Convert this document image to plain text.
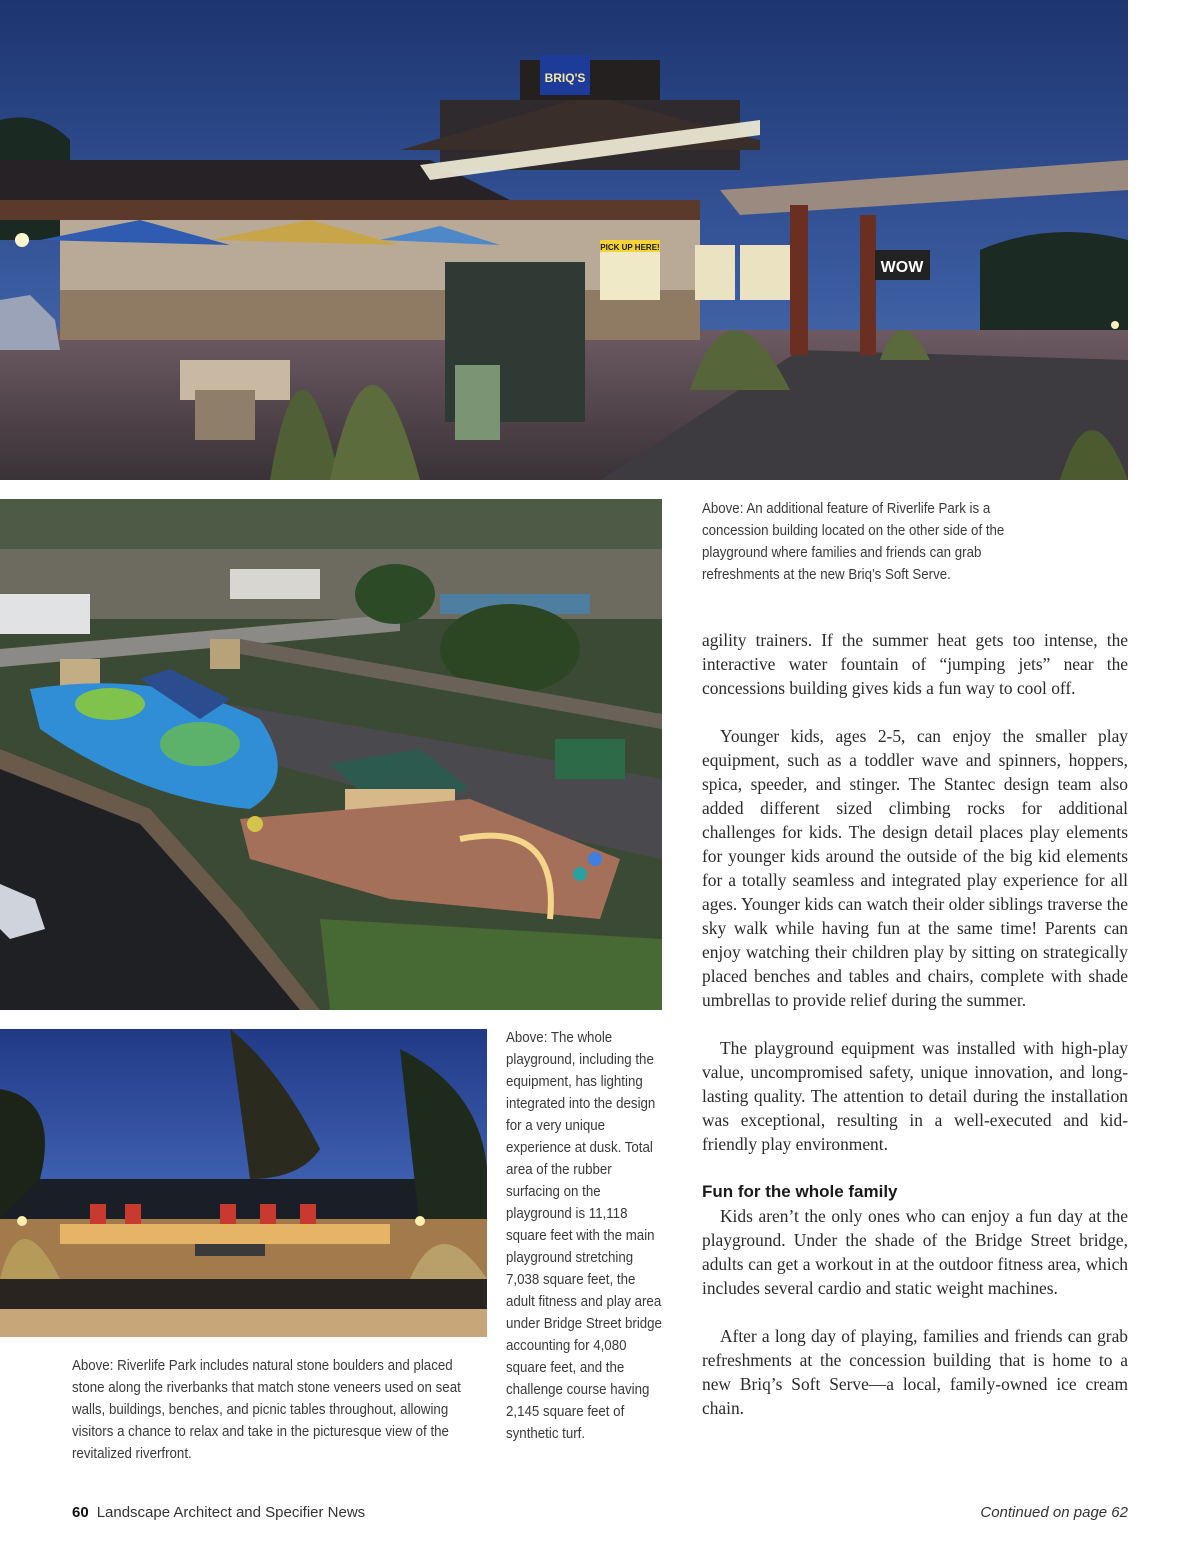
BRIQ'S
PICK UP HERE!
WOW

Above: An additional feature of Riverlife Park is a concession building located on the other side of the playground where families and friends can grab refreshments at the new Briq’s Soft Serve.

Above: The whole playground, including the equipment, has lighting integrated into the design for a very unique experience at dusk. Total area of the rubber surfacing on the playground is 11,118 square feet with the main playground stretching 7,038 square feet, the adult fitness and play area under Bridge Street bridge accounting for 4,080 square feet, and the challenge course having 2,145 square feet of synthetic turf.

Above: Riverlife Park includes natural stone boulders and placed stone along the riverbanks that match stone veneers used on seat walls, buildings, benches, and picnic tables throughout, allowing visitors a chance to relax and take in the picturesque view of the revitalized riverfront.

agility trainers. If the summer heat gets too intense, the interactive water fountain of “jumping jets” near the concessions building gives kids a fun way to cool off.

Younger kids, ages 2-5, can enjoy the smaller play equipment, such as a toddler wave and spinners, hoppers, spica, speeder, and stinger. The Stantec design team also added different sized climbing rocks for additional challenges for kids. The design detail places play elements for younger kids around the outside of the big kid elements for a totally seamless and integrated play experience for all ages. Younger kids can watch their older siblings traverse the sky walk while having fun at the same time! Parents can enjoy watching their children play by sitting on strategically placed benches and tables and chairs, complete with shade umbrellas to provide relief during the summer.

The playground equipment was installed with high-play value, uncompromised safety, unique innovation, and long-lasting quality. The attention to detail during the installation was exceptional, resulting in a well-executed and kid-friendly play environment.

Fun for the whole family

Kids aren’t the only ones who can enjoy a fun day at the playground. Under the shade of the Bridge Street bridge, adults can get a workout in at the outdoor fitness area, which includes several cardio and static weight machines.

After a long day of playing, families and friends can grab refreshments at the concession building that is home to a new Briq’s Soft Serve—a local, family-owned ice cream chain.

60 Landscape Architect and Specifier News	Continued on page 62
